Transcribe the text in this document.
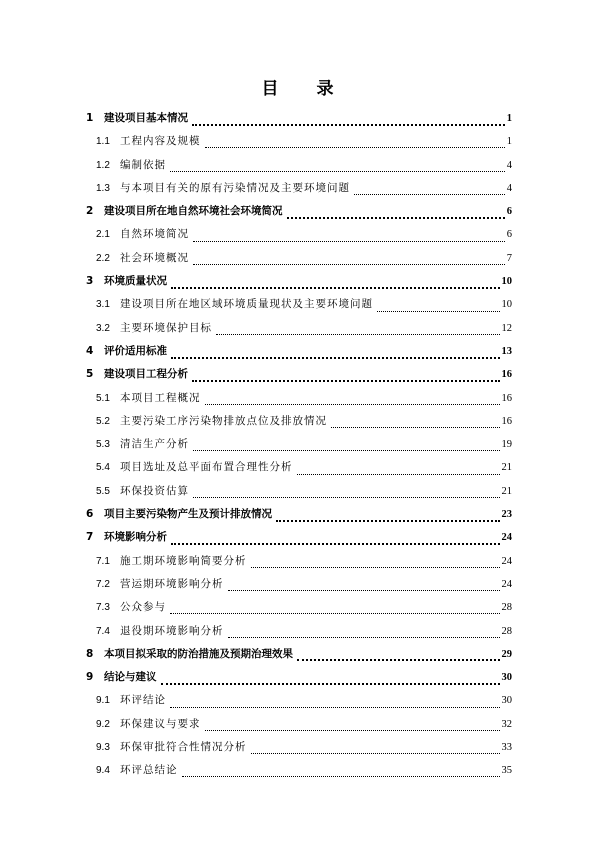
目 录
1	建设项目基本情况	1
1.1 工程内容及规模	1
1.2 编制依据	4
1.3 与本项目有关的原有污染情况及主要环境问题	4
2	建设项目所在地自然环境社会环境简况	6
2.1 自然环境简况	6
2.2 社会环境概况	7
3	环境质量状况	10
3.1 建设项目所在地区域环境质量现状及主要环境问题	10
3.2 主要环境保护目标	12
4	评价适用标准	13
5	建设项目工程分析	16
5.1 本项目工程概况	16
5.2 主要污染工序污染物排放点位及排放情况	16
5.3 清洁生产分析	19
5.4 项目选址及总平面布置合理性分析	21
5.5 环保投资估算	21
6	项目主要污染物产生及预计排放情况	23
7	环境影响分析	24
7.1 施工期环境影响简要分析	24
7.2 营运期环境影响分析	24
7.3 公众参与	28
7.4 退役期环境影响分析	28
8	本项目拟采取的防治措施及预期治理效果	29
9	结论与建议	30
9.1 环评结论	30
9.2 环保建议与要求	32
9.3 环保审批符合性情况分析	33
9.4 环评总结论	35
